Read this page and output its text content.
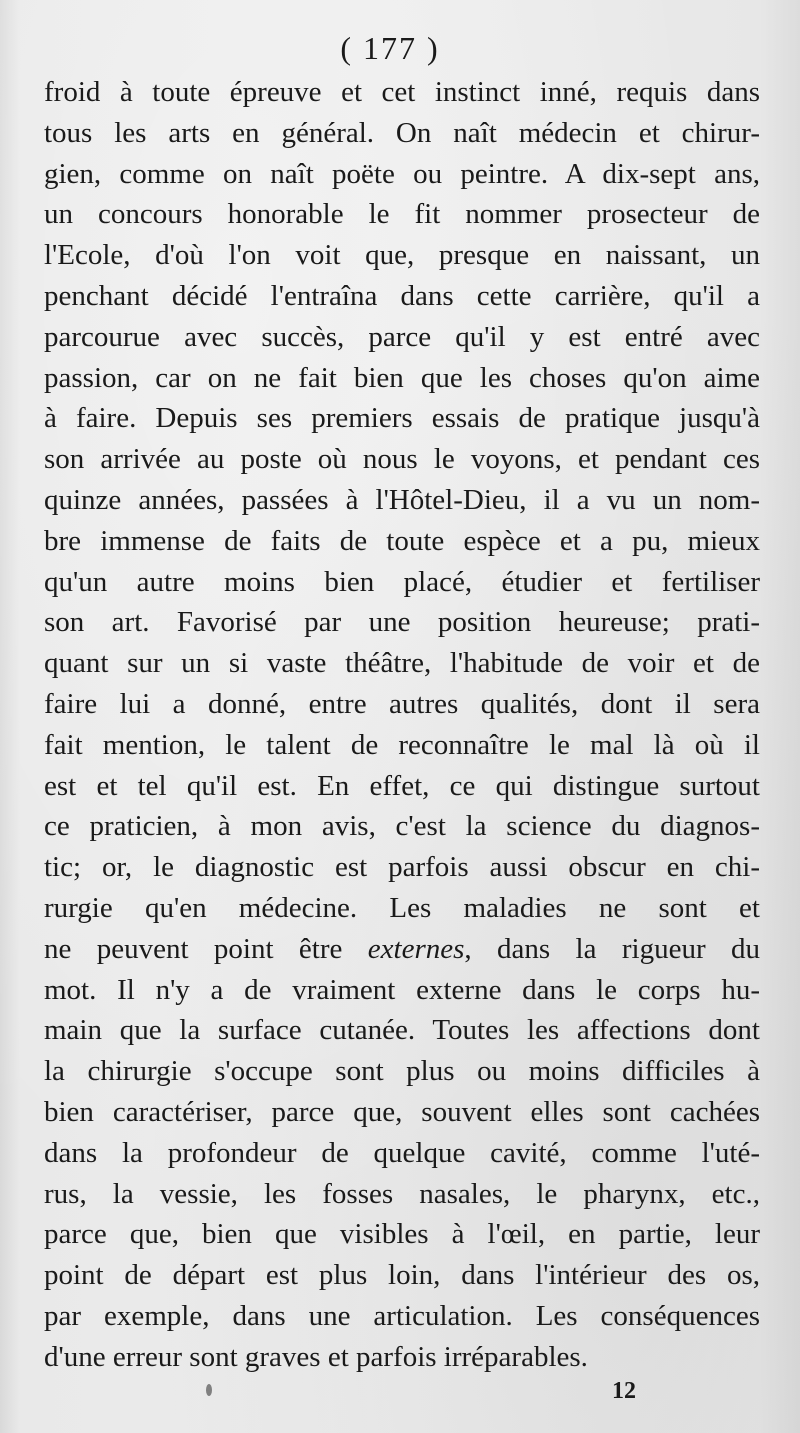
( 177 )
froid à toute épreuve et cet instinct inné, requis dans
tous les arts en général. On naît médecin et chirur-
gien, comme on naît poëte ou peintre. A dix-sept ans,
un concours honorable le fit nommer prosecteur de
l'Ecole, d'où l'on voit que, presque en naissant, un
penchant décidé l'entraîna dans cette carrière, qu'il a
parcourue avec succès, parce qu'il y est entré avec
passion, car on ne fait bien que les choses qu'on aime
à faire. Depuis ses premiers essais de pratique jusqu'à
son arrivée au poste où nous le voyons, et pendant ces
quinze années, passées à l'Hôtel-Dieu, il a vu un nom-
bre immense de faits de toute espèce et a pu, mieux
qu'un autre moins bien placé, étudier et fertiliser
son art. Favorisé par une position heureuse; prati-
quant sur un si vaste théâtre, l'habitude de voir et de
faire lui a donné, entre autres qualités, dont il sera
fait mention, le talent de reconnaître le mal là où il
est et tel qu'il est. En effet, ce qui distingue surtout
ce praticien, à mon avis, c'est la science du diagnos-
tic; or, le diagnostic est parfois aussi obscur en chi-
rurgie qu'en médecine. Les maladies ne sont et
ne peuvent point être externes, dans la rigueur du
mot. Il n'y a de vraiment externe dans le corps hu-
main que la surface cutanée. Toutes les affections dont
la chirurgie s'occupe sont plus ou moins difficiles à
bien caractériser, parce que, souvent elles sont cachées
dans la profondeur de quelque cavité, comme l'uté-
rus, la vessie, les fosses nasales, le pharynx, etc.,
parce que, bien que visibles à l'œil, en partie, leur
point de départ est plus loin, dans l'intérieur des os,
par exemple, dans une articulation. Les conséquences
d'une erreur sont graves et parfois irréparables.
12
